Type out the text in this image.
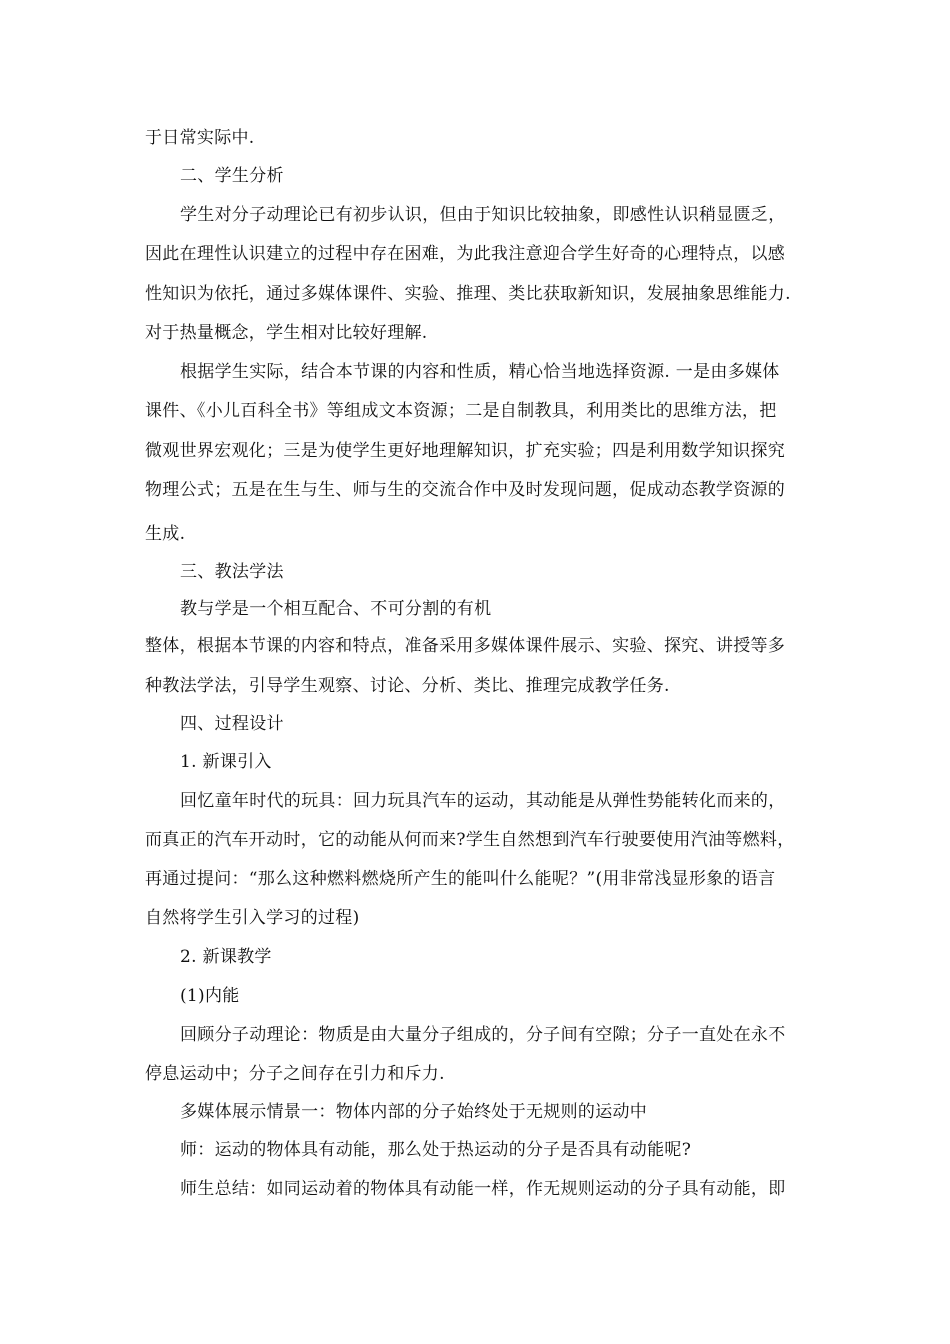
于日常实际中.
二、学生分析
学生对分子动理论已有初步认识，但由于知识比较抽象，即感性认识稍显匮乏，
因此在理性认识建立的过程中存在困难，为此我注意迎合学生好奇的心理特点，以感
性知识为依托，通过多媒体课件、实验、推理、类比获取新知识，发展抽象思维能力.
对于热量概念，学生相对比较好理解.
根据学生实际，结合本节课的内容和性质，精心恰当地选择资源. 一是由多媒体
课件、《小儿百科全书》等组成文本资源；二是自制教具，利用类比的思维方法，把
微观世界宏观化；三是为使学生更好地理解知识，扩充实验；四是利用数学知识探究
物理公式；五是在生与生、师与生的交流合作中及时发现问题，促成动态教学资源的
生成.
三、教法学法
教与学是一个相互配合、不可分割的有机
整体，根据本节课的内容和特点，准备采用多媒体课件展示、实验、探究、讲授等多
种教法学法，引导学生观察、讨论、分析、类比、推理完成教学任务.
四、过程设计
1. 新课引入
回忆童年时代的玩具：回力玩具汽车的运动，其动能是从弹性势能转化而来的，
而真正的汽车开动时，它的动能从何而来?学生自然想到汽车行驶要使用汽油等燃料，
再通过提问：“那么这种燃料燃烧所产生的能叫什么能呢？”(用非常浅显形象的语言
自然将学生引入学习的过程)
2. 新课教学
(1)内能
回顾分子动理论：物质是由大量分子组成的，分子间有空隙；分子一直处在永不
停息运动中；分子之间存在引力和斥力.
多媒体展示情景一：物体内部的分子始终处于无规则的运动中
师：运动的物体具有动能，那么处于热运动的分子是否具有动能呢?
师生总结：如同运动着的物体具有动能一样，作无规则运动的分子具有动能，即
